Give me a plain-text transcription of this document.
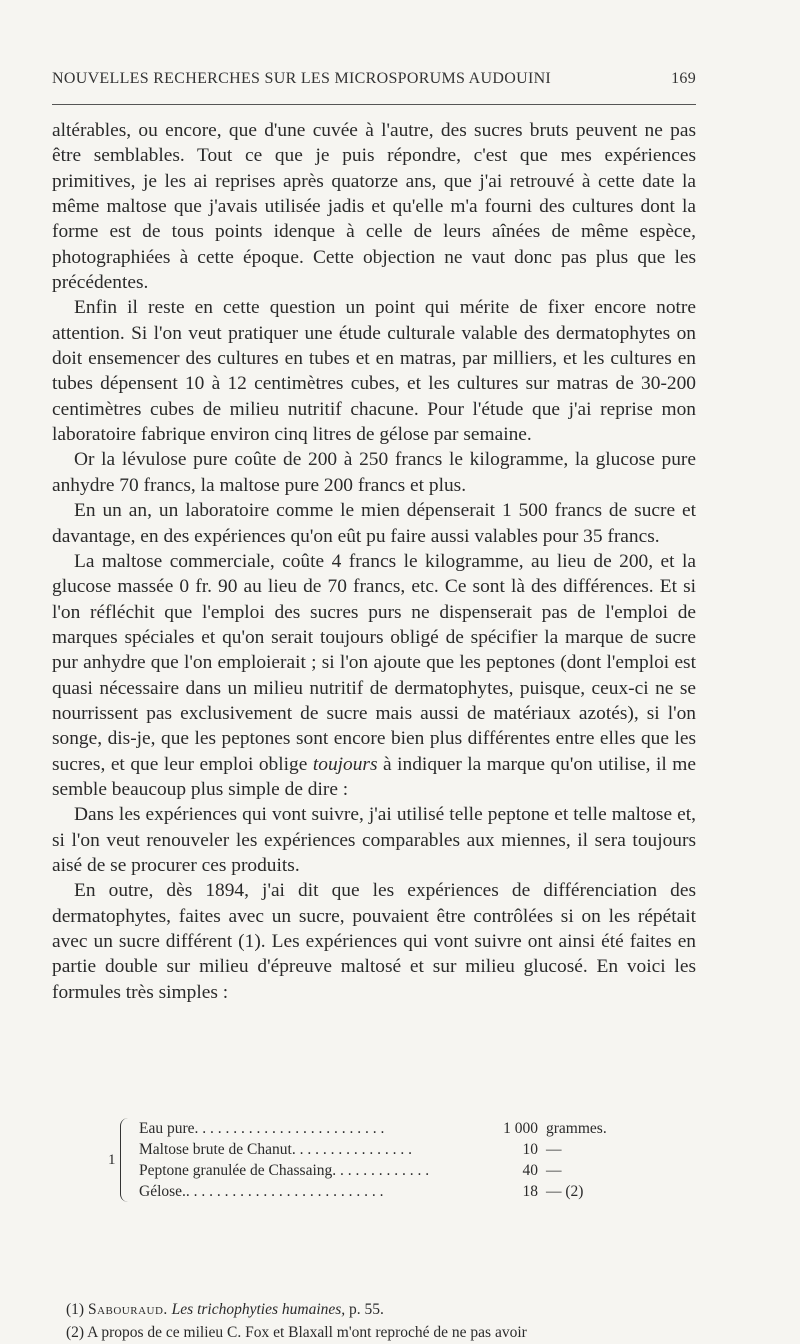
NOUVELLES RECHERCHES SUR LES MICROSPORUMS AUDOUINI	169

altérables, ou encore, que d'une cuvée à l'autre, des sucres bruts peuvent ne pas être semblables. Tout ce que je puis répondre, c'est que mes expériences primitives, je les ai reprises après quatorze ans, que j'ai retrouvé à cette date la même maltose que j'avais utilisée jadis et qu'elle m'a fourni des cultures dont la forme est de tous points idenque à celle de leurs aînées de même espèce, photographiées à cette époque. Cette objection ne vaut donc pas plus que les précédentes.

Enfin il reste en cette question un point qui mérite de fixer encore notre attention. Si l'on veut pratiquer une étude culturale valable des dermatophytes on doit ensemencer des cultures en tubes et en matras, par milliers, et les cultures en tubes dépensent 10 à 12 centimètres cubes, et les cultures sur matras de 30-200 centimètres cubes de milieu nutritif chacune. Pour l'étude que j'ai reprise mon laboratoire fabrique environ cinq litres de gélose par semaine.

Or la lévulose pure coûte de 200 à 250 francs le kilogramme, la glucose pure anhydre 70 francs, la maltose pure 200 francs et plus.

En un an, un laboratoire comme le mien dépenserait 1 500 francs de sucre et davantage, en des expériences qu'on eût pu faire aussi valables pour 35 francs.

La maltose commerciale, coûte 4 francs le kilogramme, au lieu de 200, et la glucose massée 0 fr. 90 au lieu de 70 francs, etc. Ce sont là des différences. Et si l'on réfléchit que l'emploi des sucres purs ne dispenserait pas de l'emploi de marques spéciales et qu'on serait toujours obligé de spécifier la marque de sucre pur anhydre que l'on emploierait ; si l'on ajoute que les peptones (dont l'emploi est quasi nécessaire dans un milieu nutritif de dermatophytes, puisque, ceux-ci ne se nourrissent pas exclusivement de sucre mais aussi de matériaux azotés), si l'on songe, dis-je, que les peptones sont encore bien plus différentes entre elles que les sucres, et que leur emploi oblige toujours à indiquer la marque qu'on utilise, il me semble beaucoup plus simple de dire :

Dans les expériences qui vont suivre, j'ai utilisé telle peptone et telle maltose et, si l'on veut renouveler les expériences comparables aux miennes, il sera toujours aisé de se procurer ces produits.

En outre, dès 1894, j'ai dit que les expériences de différenciation des dermatophytes, faites avec un sucre, pouvaient être contrôlées si on les répétait avec un sucre différent (1). Les expériences qui vont suivre ont ainsi été faites en partie double sur milieu d'épreuve maltosé et sur milieu glucosé. En voici les formules très simples :

1
Eau pure. . . . . . . . . . . . . . . . . . . . . . . . .	1 000 grammes.
Maltose brute de Chanut. . . . . . . . . . . . . . . .	10 —
Peptone granulée de Chassaing. . . . . . . . . . . . .	40 —
Gélose.. . . . . . . . . . . . . . . . . . . . . . . . . .	18 — (2)
(1) Sabouraud. Les trichophyties humaines, p. 55.
(2) A propos de ce milieu C. Fox et Blaxall m'ont reproché de ne pas avoir
